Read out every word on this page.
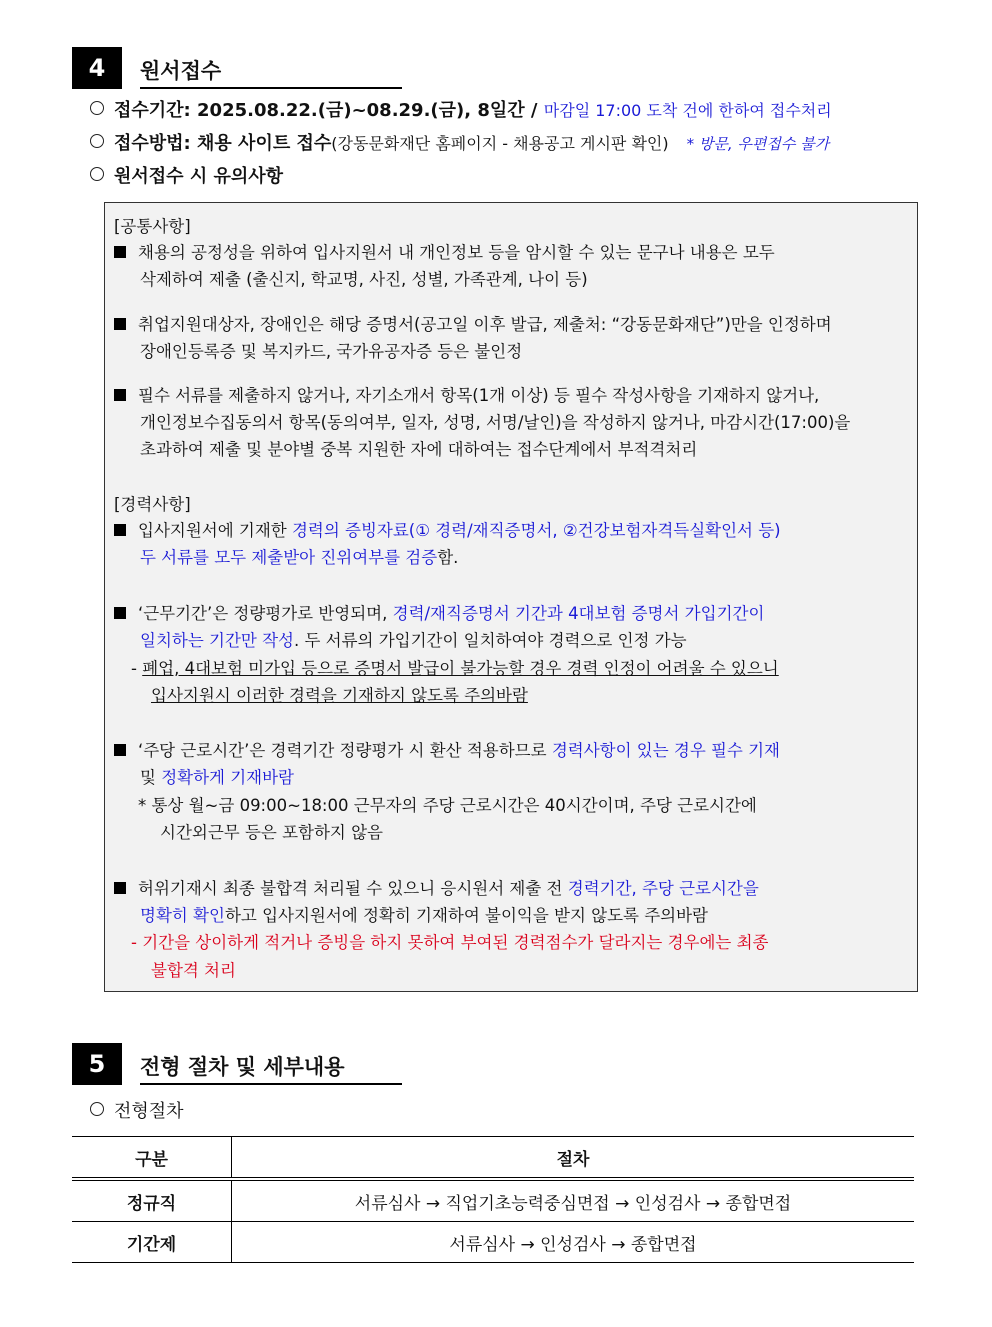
4	원서접수
접수기간: 2025.08.22.(금)~08.29.(금), 8일간 / 마감일 17:00 도착 건에 한하여 접수처리
접수방법: 채용 사이트 접수(강동문화재단 홈페이지 - 채용공고 게시판 확인) * 방문, 우편접수 불가
원서접수 시 유의사항
[공통사항]
채용의 공정성을 위하여 입사지원서 내 개인정보 등을 암시할 수 있는 문구나 내용은 모두
삭제하여 제출 (출신지, 학교명, 사진, 성별, 가족관계, 나이 등)
취업지원대상자, 장애인은 해당 증명서(공고일 이후 발급, 제출처: “강동문화재단”)만을 인정하며
장애인등록증 및 복지카드, 국가유공자증 등은 불인정
필수 서류를 제출하지 않거나, 자기소개서 항목(1개 이상) 등 필수 작성사항을 기재하지 않거나,
개인정보수집동의서 항목(동의여부, 일자, 성명, 서명/날인)을 작성하지 않거나, 마감시간(17:00)을
초과하여 제출 및 분야별 중복 지원한 자에 대하여는 접수단계에서 부적격처리
[경력사항]
입사지원서에 기재한 경력의 증빙자료(① 경력/재직증명서, ②건강보험자격득실확인서 등)
두 서류를 모두 제출받아 진위여부를 검증함.
‘근무기간’은 정량평가로 반영되며, 경력/재직증명서 기간과 4대보험 증명서 가입기간이
일치하는 기간만 작성. 두 서류의 가입기간이 일치하여야 경력으로 인정 가능
- 폐업, 4대보험 미가입 등으로 증명서 발급이 불가능할 경우 경력 인정이 어려울 수 있으니
입사지원시 이러한 경력을 기재하지 않도록 주의바람
‘주당 근로시간’은 경력기간 정량평가 시 환산 적용하므로 경력사항이 있는 경우 필수 기재
및 정확하게 기재바람
* 통상 월~금 09:00~18:00 근무자의 주당 근로시간은 40시간이며, 주당 근로시간에
시간외근무 등은 포함하지 않음
허위기재시 최종 불합격 처리될 수 있으니 응시원서 제출 전 경력기간, 주당 근로시간을
명확히 확인하고 입사지원서에 정확히 기재하여 불이익을 받지 않도록 주의바람
- 기간을 상이하게 적거나 증빙을 하지 못하여 부여된 경력점수가 달라지는 경우에는 최종
불합격 처리
5	전형 절차 및 세부내용
전형절차
구분	절차
정규직	서류심사 → 직업기초능력중심면접 → 인성검사 → 종합면접
기간제	서류심사 → 인성검사 → 종합면접
